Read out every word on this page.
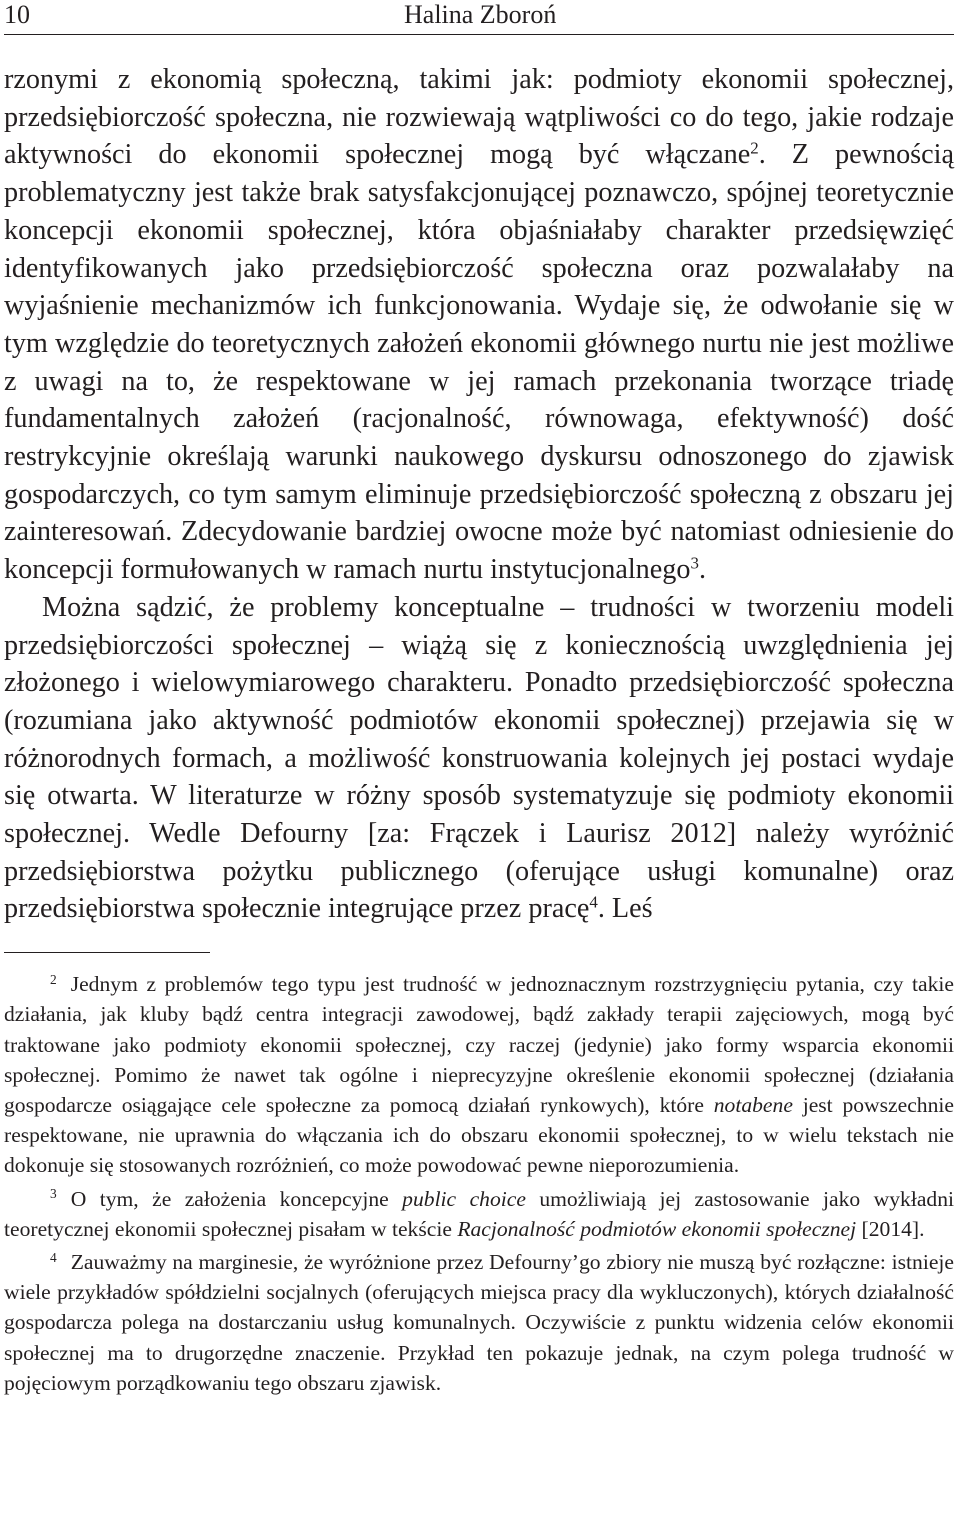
10	Halina Zboroń

rzonymi z ekonomią społeczną, takimi jak: podmioty ekonomii społecznej, przedsiębiorczość społeczna, nie rozwiewają wątpliwości co do tego, jakie rodzaje aktywności do ekonomii społecznej mogą być włączane$^2$. Z pewnością problematyczny jest także brak satysfakcjonującej poznawczo, spójnej teoretycznie koncepcji ekonomii społecznej, która objaśniałaby charakter przedsięwzięć identyfikowanych jako przedsiębiorczość społeczna oraz pozwalałaby na wyjaśnienie mechanizmów ich funkcjonowania. Wydaje się, że odwołanie się w tym względzie do teoretycznych założeń ekonomii głównego nurtu nie jest możliwe z uwagi na to, że respektowane w jej ramach przekonania tworzące triadę fundamentalnych założeń (racjonalność, równowaga, efektywność) dość restrykcyjnie określają warunki naukowego dyskursu odnoszonego do zjawisk gospodarczych, co tym samym eliminuje przedsiębiorczość społeczną z obszaru jej zainteresowań. Zdecydowanie bardziej owocne może być natomiast odniesienie do koncepcji formułowanych w ramach nurtu instytucjonalnego$^3$.

Można sądzić, że problemy konceptualne – trudności w tworzeniu modeli przedsiębiorczości społecznej – wiążą się z koniecznością uwzględnienia jej złożonego i wielowymiarowego charakteru. Ponadto przedsiębiorczość społeczna (rozumiana jako aktywność podmiotów ekonomii społecznej) przejawia się w różnorodnych formach, a możliwość konstruowania kolejnych jej postaci wydaje się otwarta. W literaturze w różny sposób systematyzuje się podmioty ekonomii społecznej. Wedle Defourny [za: Frączek i Laurisz 2012] należy wyróżnić przedsiębiorstwa pożytku publicznego (oferujące usługi komunalne) oraz przedsiębiorstwa społecznie integrujące przez pracę$^4$. Leś

$^2$ Jednym z problemów tego typu jest trudność w jednoznacznym rozstrzygnięciu pytania, czy takie działania, jak kluby bądź centra integracji zawodowej, bądź zakłady terapii zajęciowych, mogą być traktowane jako podmioty ekonomii społecznej, czy raczej (jedynie) jako formy wsparcia ekonomii społecznej. Pomimo że nawet tak ogólne i nieprecyzyjne określenie ekonomii społecznej (działania gospodarcze osiągające cele społeczne za pomocą działań rynkowych), które notabene jest powszechnie respektowane, nie uprawnia do włączania ich do obszaru ekonomii społecznej, to w wielu tekstach nie dokonuje się stosowanych rozróżnień, co może powodować pewne nieporozumienia.

$^3$ O tym, że założenia koncepcyjne public choice umożliwiają jej zastosowanie jako wykładni teoretycznej ekonomii społecznej pisałam w tekście Racjonalność podmiotów ekonomii społecznej [2014].

$^4$ Zauważmy na marginesie, że wyróżnione przez Defourny’go zbiory nie muszą być rozłączne: istnieje wiele przykładów spółdzielni socjalnych (oferujących miejsca pracy dla wykluczonych), których działalność gospodarcza polega na dostarczaniu usług komunalnych. Oczywiście z punktu widzenia celów ekonomii społecznej ma to drugorzędne znaczenie. Przykład ten pokazuje jednak, na czym polega trudność w pojęciowym porządkowaniu tego obszaru zjawisk.
